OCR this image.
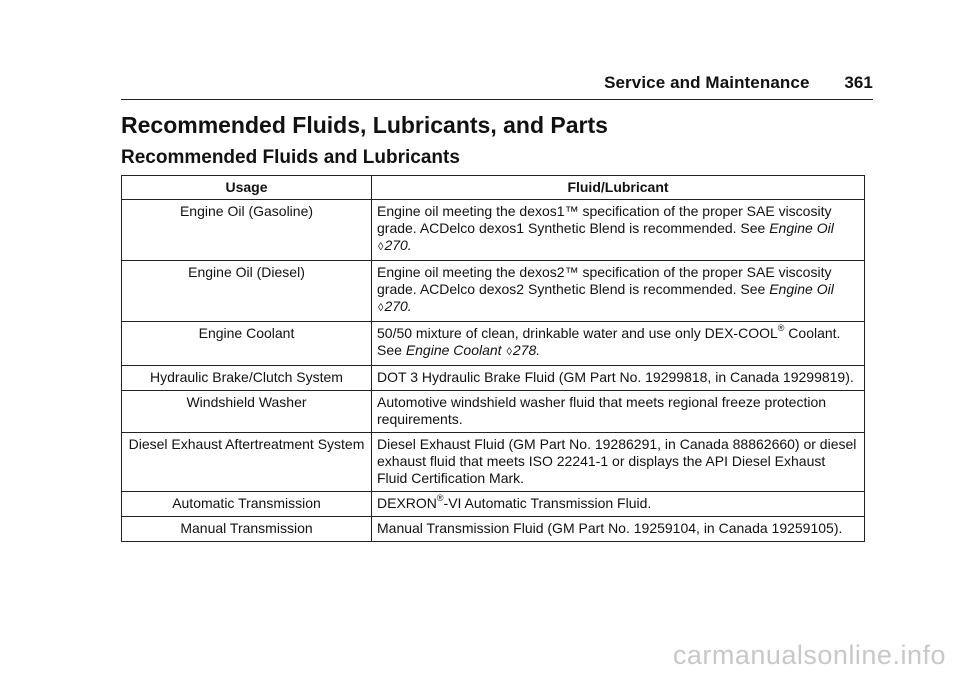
Service and Maintenance 361
Recommended Fluids, Lubricants, and Parts
Recommended Fluids and Lubricants
Usage	Fluid/Lubricant
Engine Oil (Gasoline)	Engine oil meeting the dexos1™ specification of the proper SAE viscosity grade. ACDelco dexos1 Synthetic Blend is recommended. See Engine Oil ◊270.
Engine Oil (Diesel)	Engine oil meeting the dexos2™ specification of the proper SAE viscosity grade. ACDelco dexos2 Synthetic Blend is recommended. See Engine Oil ◊270.
Engine Coolant	50/50 mixture of clean, drinkable water and use only DEX-COOL® Coolant. See Engine Coolant ◊278.
Hydraulic Brake/Clutch System	DOT 3 Hydraulic Brake Fluid (GM Part No. 19299818, in Canada 19299819).
Windshield Washer	Automotive windshield washer fluid that meets regional freeze protection requirements.
Diesel Exhaust Aftertreatment System	Diesel Exhaust Fluid (GM Part No. 19286291, in Canada 88862660) or diesel exhaust fluid that meets ISO 22241-1 or displays the API Diesel Exhaust Fluid Certification Mark.
Automatic Transmission	DEXRON®-VI Automatic Transmission Fluid.
Manual Transmission	Manual Transmission Fluid (GM Part No. 19259104, in Canada 19259105).
carmanualsonline.info
